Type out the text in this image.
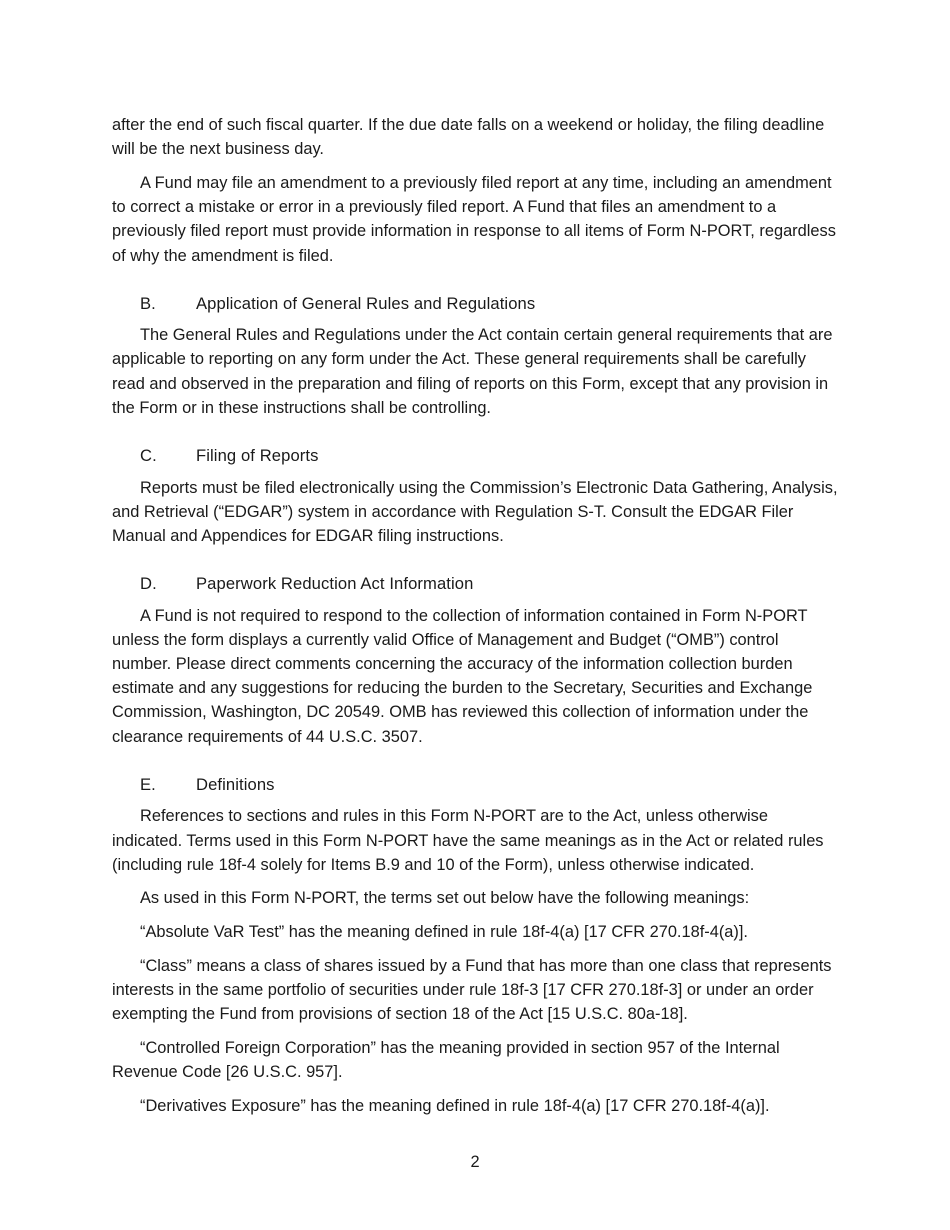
after the end of such fiscal quarter. If the due date falls on a weekend or holiday, the filing deadline will be the next business day.

A Fund may file an amendment to a previously filed report at any time, including an amendment to correct a mistake or error in a previously filed report. A Fund that files an amendment to a previously filed report must provide information in response to all items of Form N-PORT, regardless of why the amendment is filed.

B. Application of General Rules and Regulations

The General Rules and Regulations under the Act contain certain general requirements that are applicable to reporting on any form under the Act. These general requirements shall be carefully read and observed in the preparation and filing of reports on this Form, except that any provision in the Form or in these instructions shall be controlling.

C. Filing of Reports

Reports must be filed electronically using the Commission’s Electronic Data Gathering, Analysis, and Retrieval (“EDGAR”) system in accordance with Regulation S-T. Consult the EDGAR Filer Manual and Appendices for EDGAR filing instructions.

D. Paperwork Reduction Act Information

A Fund is not required to respond to the collection of information contained in Form N-PORT unless the form displays a currently valid Office of Management and Budget (“OMB”) control number. Please direct comments concerning the accuracy of the information collection burden estimate and any suggestions for reducing the burden to the Secretary, Securities and Exchange Commission, Washington, DC 20549. OMB has reviewed this collection of information under the clearance requirements of 44 U.S.C. 3507.

E. Definitions

References to sections and rules in this Form N-PORT are to the Act, unless otherwise indicated. Terms used in this Form N-PORT have the same meanings as in the Act or related rules (including rule 18f-4 solely for Items B.9 and 10 of the Form), unless otherwise indicated.

As used in this Form N-PORT, the terms set out below have the following meanings:

“Absolute VaR Test” has the meaning defined in rule 18f-4(a) [17 CFR 270.18f-4(a)].

“Class” means a class of shares issued by a Fund that has more than one class that represents interests in the same portfolio of securities under rule 18f-3 [17 CFR 270.18f-3] or under an order exempting the Fund from provisions of section 18 of the Act [15 U.S.C. 80a-18].

“Controlled Foreign Corporation” has the meaning provided in section 957 of the Internal Revenue Code [26 U.S.C. 957].

“Derivatives Exposure” has the meaning defined in rule 18f-4(a) [17 CFR 270.18f-4(a)].

2
